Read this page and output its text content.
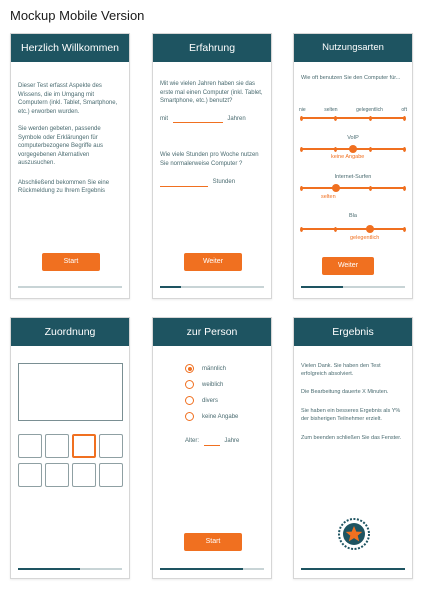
Mockup Mobile Version
Herzlich Willkommen
Dieser Test erfasst Aspekte des Wissens, die im Umgang mit Computern (inkl. Tablet, Smartphone, etc.) erworben wurden.
Sie werden gebeten, passende Symbole oder Erklärungen für computerbezogene Begriffe aus vorgegebenen Alternativen auszusuchen.
Abschließend bekommen Sie eine Rückmeldung zu Ihrem Ergebnis
Start
Erfahrung
Mit wie vielen Jahren haben sie das erste mal einen Computer (inkl. Tablet, Smartphone, etc.) benutzt?
mit	Jahren
Wie viele Stunden pro Woche nutzen Sie normalerweise Computer ?
Stunden
Weiter
Nutzungsarten
Wie oft benutzen Sie den Computer für...
nie	selten	gelegentlich	oft
VoIP
keine Angabe
Internet-Surfen
selten
Bla
gelegentlich
Weiter
Zuordnung	zur Person
männlich
weiblich
divers
keine Angabe
Alter:	Jahre
Start
Ergebnis
Vielen Dank. Sie haben den Test erfolgreich absolviert.
Die Bearbeitung dauerte X Minuten.
Sie haben ein besseres Ergebnis als Y% der bisherigen Teilnehmer erzielt.
Zum beenden schließen Sie das Fenster.
